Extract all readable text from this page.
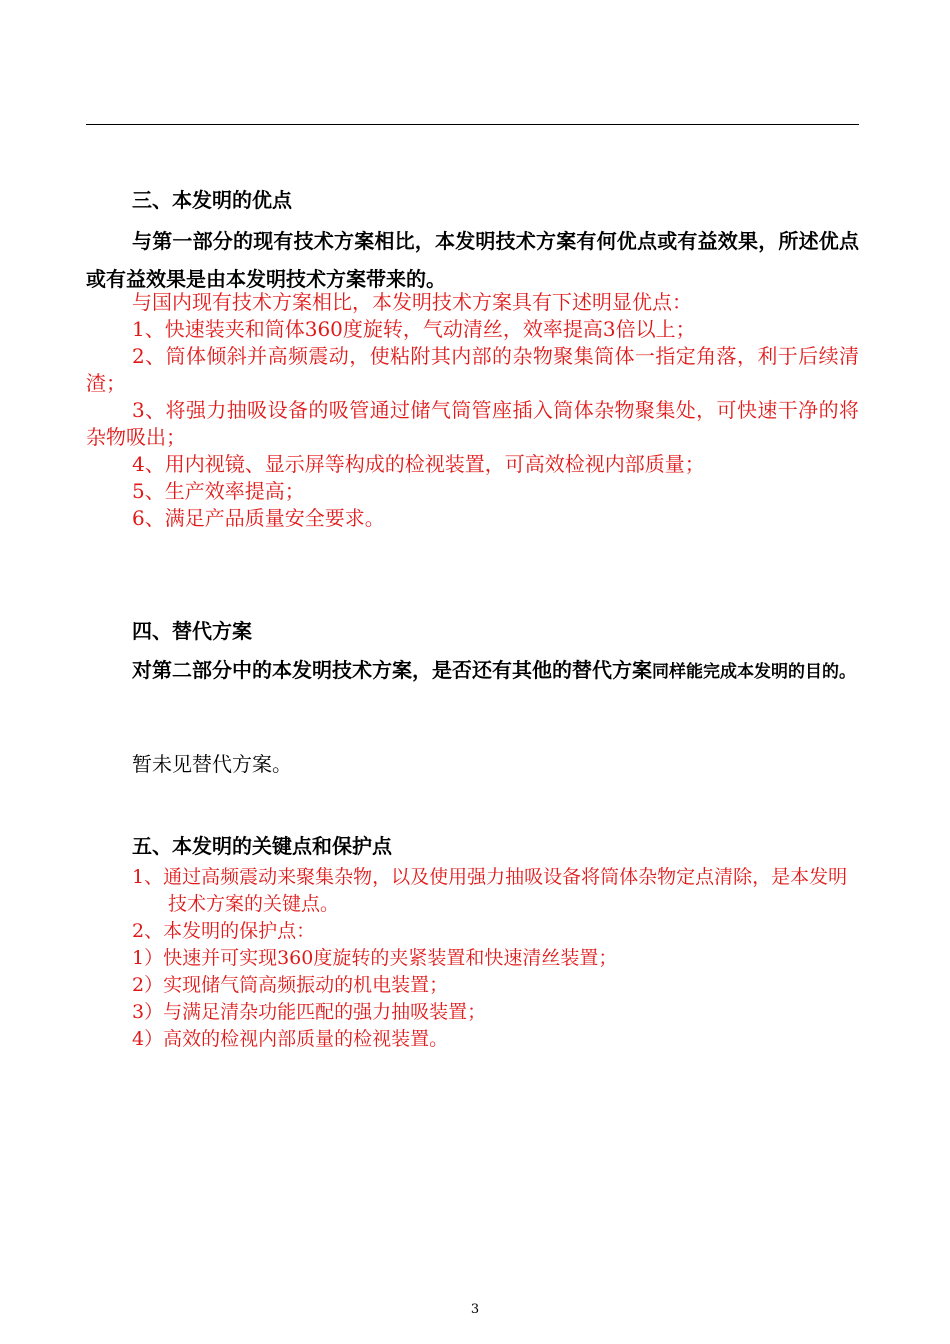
三、本发明的优点
与第一部分的现有技术方案相比，本发明技术方案有何优点或有益效果，所述优点或有益效果是由本发明技术方案带来的。

与国内现有技术方案相比，本发明技术方案具有下述明显优点：

1、快速装夹和筒体360度旋转，气动清丝，效率提高3倍以上；

2、筒体倾斜并高频震动，使粘附其内部的杂物聚集筒体一指定角落，利于后续清渣；

3、将强力抽吸设备的吸管通过储气筒管座插入筒体杂物聚集处，可快速干净的将杂物吸出；

4、用内视镜、显示屏等构成的检视装置，可高效检视内部质量；

5、生产效率提高；

6、满足产品质量安全要求。

四、替代方案
对第二部分中的本发明技术方案，是否还有其他的替代方案同样能完成本发明的目的。
暂未见替代方案。
五、本发明的关键点和保护点

1、通过高频震动来聚集杂物，以及使用强力抽吸设备将筒体杂物定点清除，是本发明技术方案的关键点。

2、本发明的保护点：

1）快速并可实现360度旋转的夹紧装置和快速清丝装置；

2）实现储气筒高频振动的机电装置；

3）与满足清杂功能匹配的强力抽吸装置；

4）高效的检视内部质量的检视装置。

3
